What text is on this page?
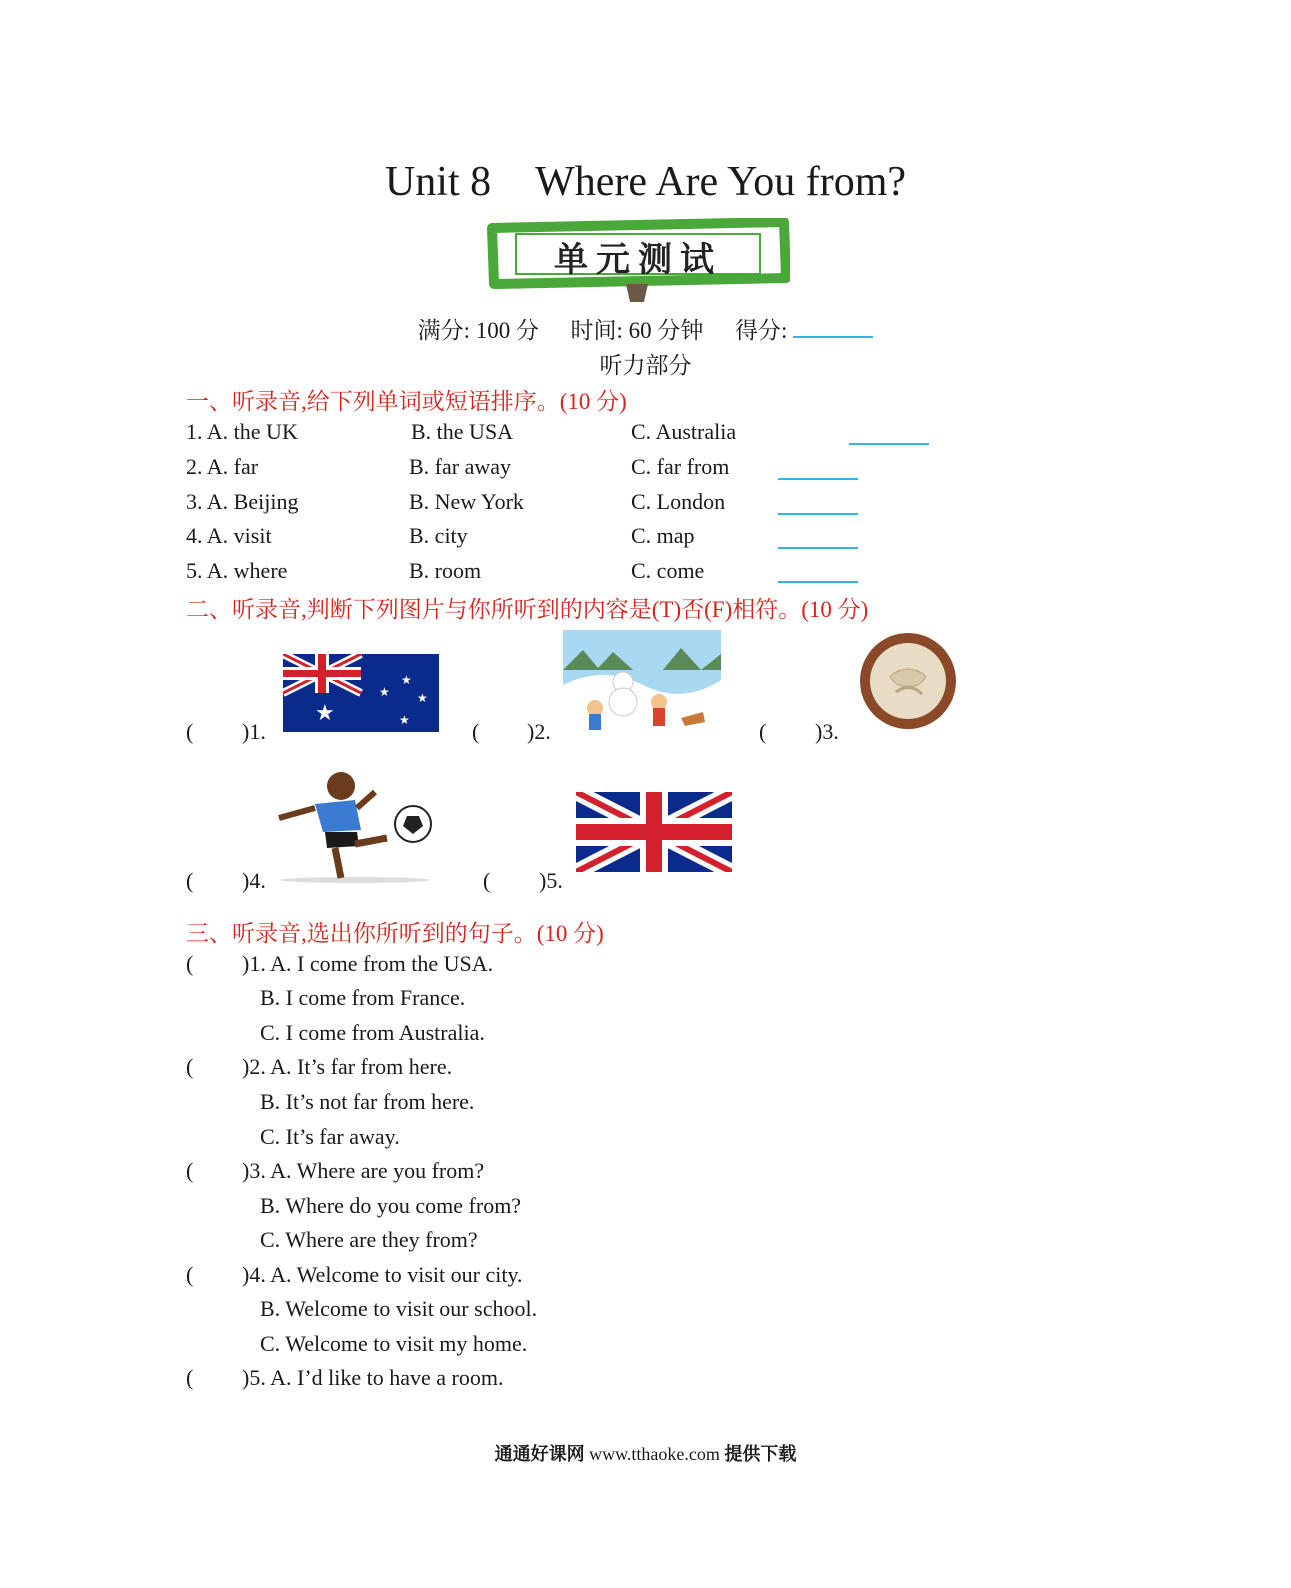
Unit 8 Where Are You from?
单元测试
满分: 100 分 时间: 60 分钟 得分:
听力部分
一、听录音,给下列单词或短语排序。(10 分)
1. A. the UK	B. the USA	C. Australia
2. A. far	B. far away	C. far from
3. A. Beijing	B. New York	C. London
4. A. visit	B. city	C. map
5. A. where	B. room	C. come
二、听录音,判断下列图片与你所听到的内容是(T)否(F)相符。(10 分)
( )1.
★
★
★ ★
★	( )2.	( )3.
( )4.	( )5.
三、听录音,选出你所听到的句子。(10 分)
( )1. A. I come from the USA.
B. I come from France.
C. I come from Australia.
( )2. A. It’s far from here.
B. It’s not far from here.
C. It’s far away.
( )3. A. Where are you from?
B. Where do you come from?
C. Where are they from?
( )4. A. Welcome to visit our city.
B. Welcome to visit our school.
C. Welcome to visit my home.
( )5. A. I’d like to have a room.
通通好课网 www.tthaoke.com 提供下载
